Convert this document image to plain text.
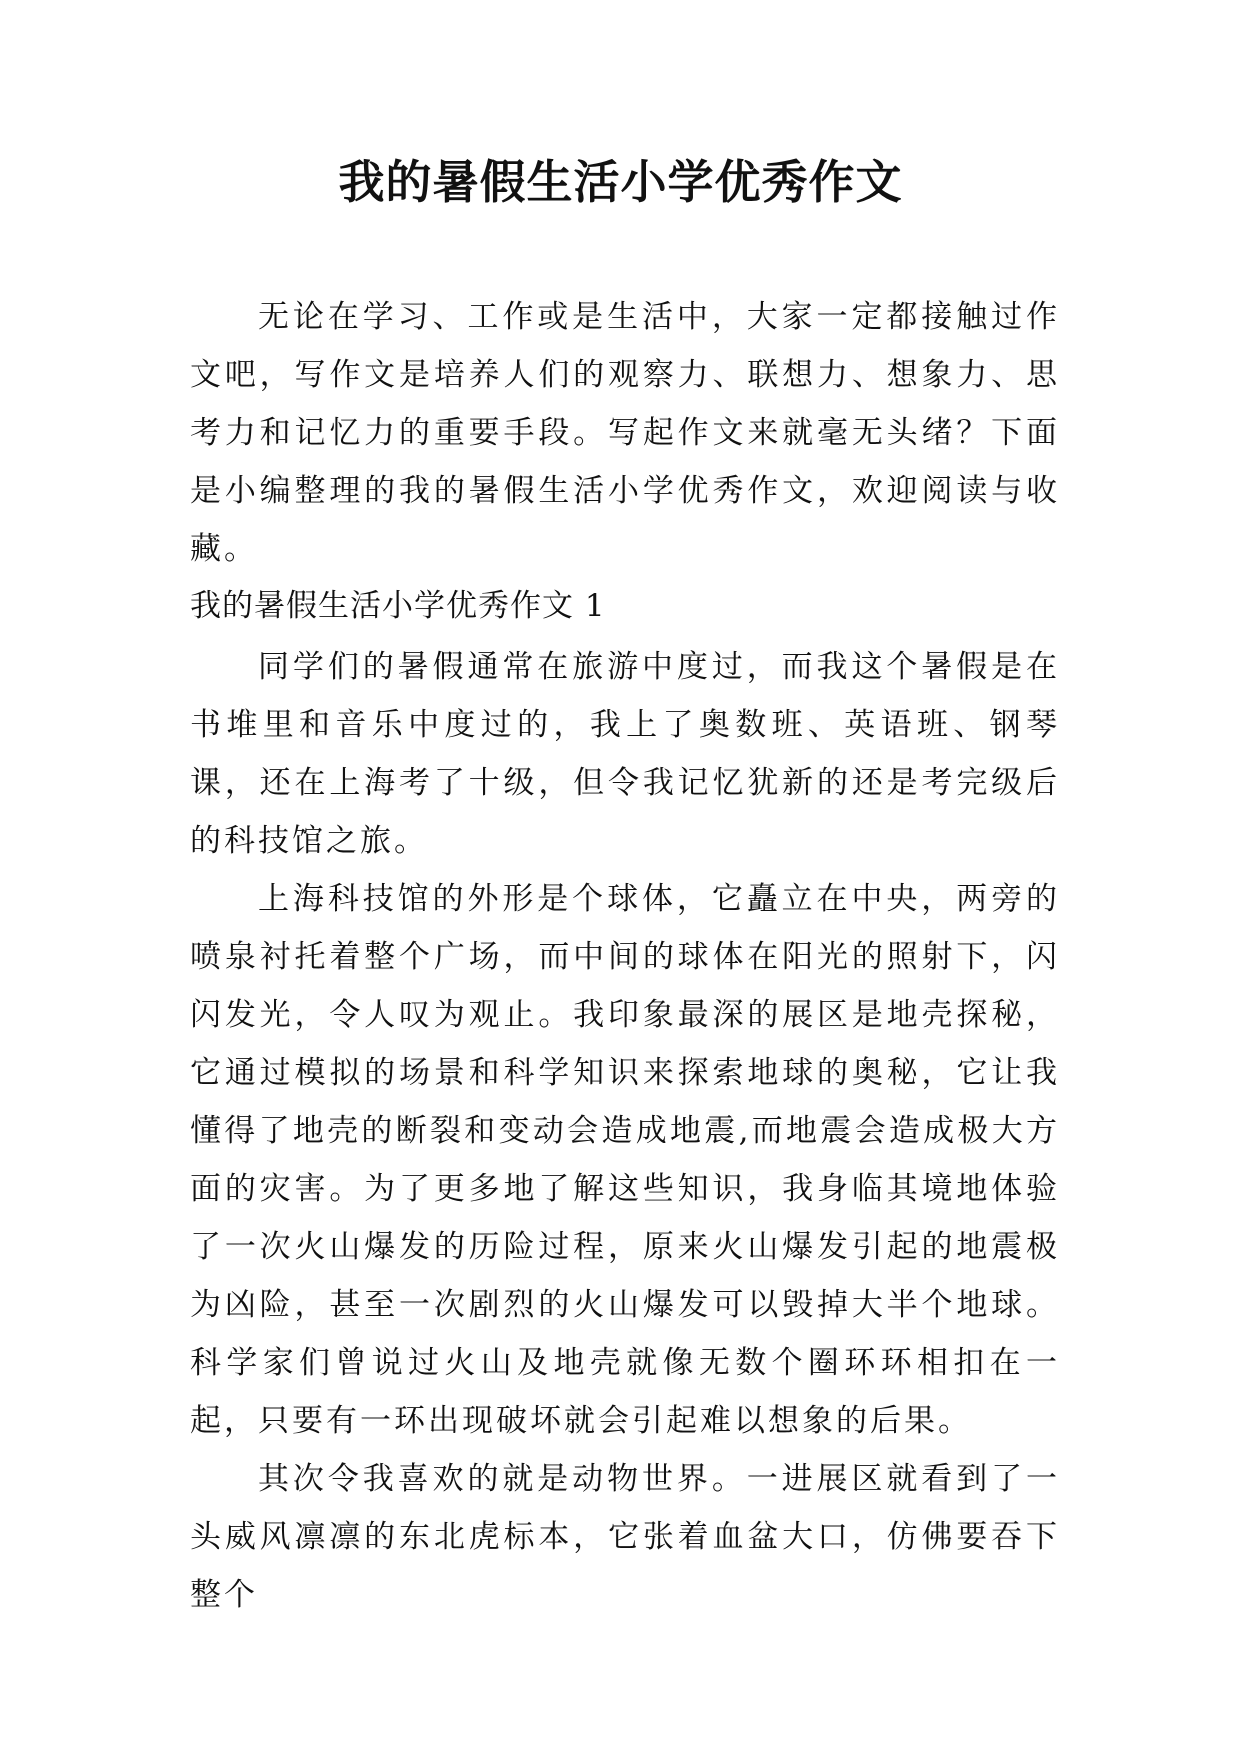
我的暑假生活小学优秀作文

无论在学习、工作或是生活中，大家一定都接触过作文吧，写作文是培养人们的观察力、联想力、想象力、思考力和记忆力的重要手段。写起作文来就毫无头绪？下面是小编整理的我的暑假生活小学优秀作文，欢迎阅读与收藏。

我的暑假生活小学优秀作文 1

同学们的暑假通常在旅游中度过，而我这个暑假是在书堆里和音乐中度过的，我上了奥数班、英语班、钢琴课，还在上海考了十级，但令我记忆犹新的还是考完级后的科技馆之旅。

上海科技馆的外形是个球体，它矗立在中央，两旁的喷泉衬托着整个广场，而中间的球体在阳光的照射下，闪闪发光，令人叹为观止。我印象最深的展区是地壳探秘，它通过模拟的场景和科学知识来探索地球的奥秘，它让我懂得了地壳的断裂和变动会造成地震,而地震会造成极大方面的灾害。为了更多地了解这些知识，我身临其境地体验了一次火山爆发的历险过程，原来火山爆发引起的地震极为凶险，甚至一次剧烈的火山爆发可以毁掉大半个地球。科学家们曾说过火山及地壳就像无数个圈环环相扣在一起，只要有一环出现破坏就会引起难以想象的后果。

其次令我喜欢的就是动物世界。一进展区就看到了一头威风凛凛的东北虎标本，它张着血盆大口，仿佛要吞下整个
